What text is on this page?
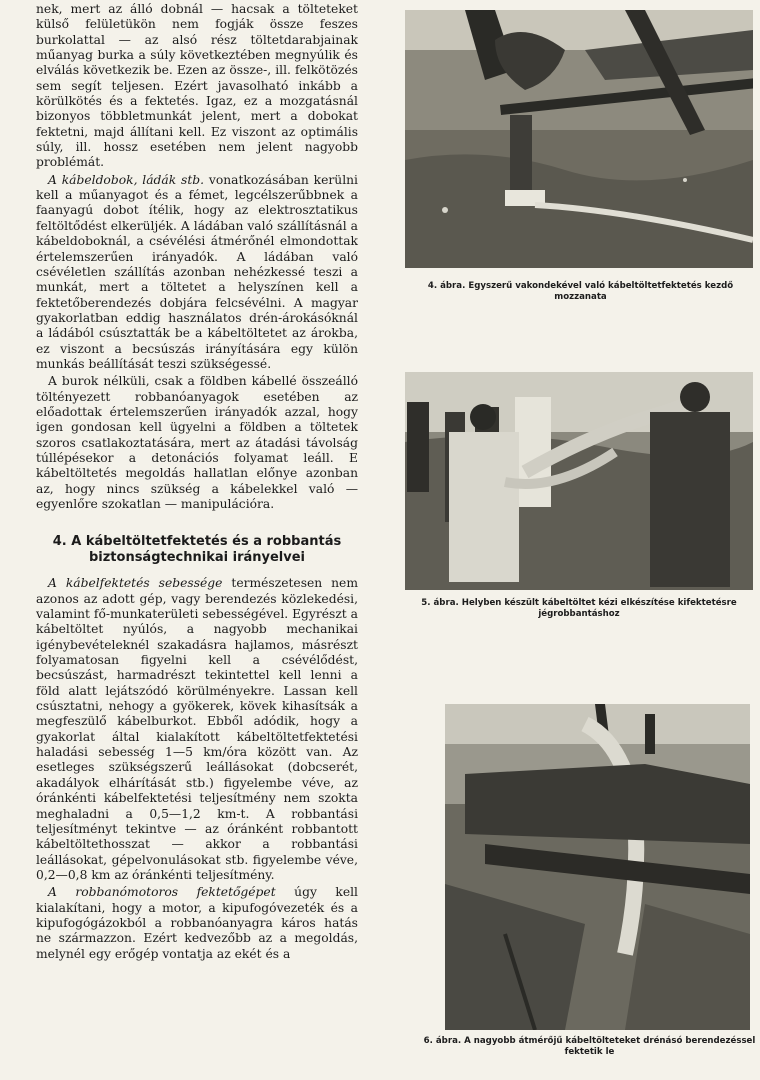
nek, mert az álló dobnál — hacsak a tölteteket külső felületükön nem fogják össze feszes burkolattal — az alsó rész töltetdarabjainak műanyag burka a súly következtében megnyúlik és elválás következik be. Ezen az össze-, ill. felkötözés sem segít teljesen. Ezért javasolható inkább a körülkötés és a fektetés. Igaz, ez a mozgatásnál bizonyos többletmunkát jelent, mert a dobokat fektetni, majd állítani kell. Ez viszont az optimális súly, ill. hossz esetében nem jelent nagyobb problémát.

A kábeldobok, ládák stb. vonatkozásában kerülni kell a műanyagot és a fémet, legcélszerűbbnek a faanyagú dobot ítélik, hogy az elektrosztatikus feltöltődést elkerüljék. A ládában való szállításnál a kábeldoboknál, a csévélési átmérőnél elmondottak értelemszerűen irányadók. A ládában való csévéletlen szállítás azonban nehézkessé teszi a munkát, mert a töltetet a helyszínen kell a fektetőberendezés dobjára felcsévélni. A magyar gyakorlatban eddig használatos drén-árokásóknál a ládából csúsztatták be a kábeltöltetet az árokba, ez viszont a becsúszás irányítására egy külön munkás beállítását teszi szükségessé.

A burok nélküli, csak a földben kábellé összeálló töltényezett robbanóanyagok esetében az előadottak értelemszerűen irányadók azzal, hogy igen gondosan kell ügyelni a földben a töltetek szoros csatlakoztatására, mert az átadási távolság túllépésekor a detonációs folyamat leáll. E kábeltöltetés megoldás hallatlan előnye azonban az, hogy nincs szükség a kábelekkel való — egyenlőre szokatlan — manipulációra.

4. A kábeltöltetfektetés és a robbantás
biztonságtechnikai irányelvei

A kábelfektetés sebessége természetesen nem azonos az adott gép, vagy berendezés közlekedési, valamint fő-munkaterületi sebességével. Egyrészt a kábeltöltet nyúlós, a nagyobb mechanikai igénybevételeknél szakadásra hajlamos, másrészt folyamatosan figyelni kell a csévélődést, becsúszást, harmadrészt tekintettel kell lenni a föld alatt lejátszódó körülményekre. Lassan kell csúsztatni, nehogy a gyökerek, kövek kihasítsák a megfeszülő kábelburkot. Ebből adódik, hogy a gyakorlat által kialakított kábeltöltetfektetési haladási sebesség 1—5 km/óra között van. Az esetleges szükségszerű leállásokat (dobcserét, akadályok elhárítását stb.) figyelembe véve, az óránkénti kábelfektetési teljesítmény nem szokta meghaladni a 0,5—1,2 km-t. A robbantási teljesítményt tekintve — az óránként robbantott kábeltöltethosszat — akkor a robbantási leállásokat, gépelvonulásokat stb. figyelembe véve, 0,2—0,8 km az óránkénti teljesítmény.

A robbanómotoros fektetőgépet úgy kell kialakítani, hogy a motor, a kipufogóvezeték és a kipufogógázokból a robbanóanyagra káros hatás ne származzon. Ezért kedvezőbb az a megoldás, melynél egy erőgép vontatja az ekét és a

4. ábra. Egyszerű vakondekével való kábeltöltetfektetés kezdő mozzanata
5. ábra. Helyben készült kábeltöltet kézi elkészítése kifektetésre jégrobbantáshoz
6. ábra. A nagyobb átmérőjű kábeltölteteket drénásó berendezéssel fektetik le
